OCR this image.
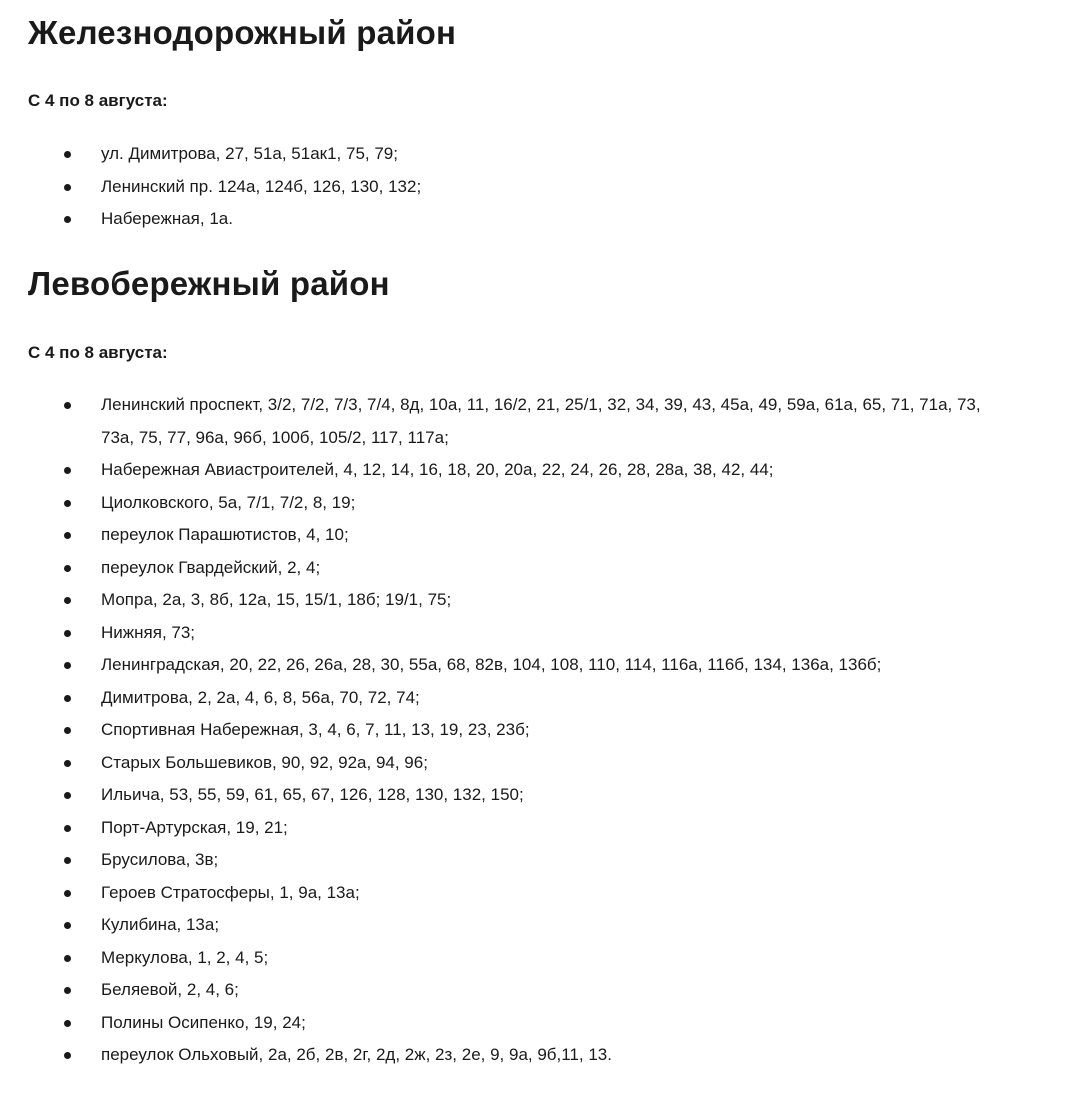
Железнодорожный район

С 4 по 8 августа:

ул. Димитрова, 27, 51а, 51ак1, 75, 79;
Ленинский пр. 124а, 124б, 126, 130, 132;
Набережная, 1а.
Левобережный район

С 4 по 8 августа:

Ленинский проспект, 3/2, 7/2, 7/3, 7/4, 8д, 10а, 11, 16/2, 21, 25/1, 32, 34, 39, 43, 45а, 49, 59а, 61а, 65, 71, 71а, 73, 73а, 75, 77, 96а, 96б, 100б, 105/2, 117, 117а;
Набережная Авиастроителей, 4, 12, 14, 16, 18, 20, 20а, 22, 24, 26, 28, 28а, 38, 42, 44;
Циолковского, 5а, 7/1, 7/2, 8, 19;
переулок Парашютистов, 4, 10;
переулок Гвардейский, 2, 4;
Мопра, 2а, 3, 8б, 12а, 15, 15/1, 18б; 19/1, 75;
Нижняя, 73;
Ленинградская, 20, 22, 26, 26а, 28, 30, 55а, 68, 82в, 104, 108, 110, 114, 116а, 116б, 134, 136а, 136б;
Димитрова, 2, 2а, 4, 6, 8, 56а, 70, 72, 74;
Спортивная Набережная, 3, 4, 6, 7, 11, 13, 19, 23, 23б;
Старых Большевиков, 90, 92, 92а, 94, 96;
Ильича, 53, 55, 59, 61, 65, 67, 126, 128, 130, 132, 150;
Порт-Артурская, 19, 21;
Брусилова, 3в;
Героев Стратосферы, 1, 9а, 13а;
Кулибина, 13а;
Меркулова, 1, 2, 4, 5;
Беляевой, 2, 4, 6;
Полины Осипенко, 19, 24;
переулок Ольховый, 2а, 2б, 2в, 2г, 2д, 2ж, 2з, 2е, 9, 9а, 9б,11, 13.
